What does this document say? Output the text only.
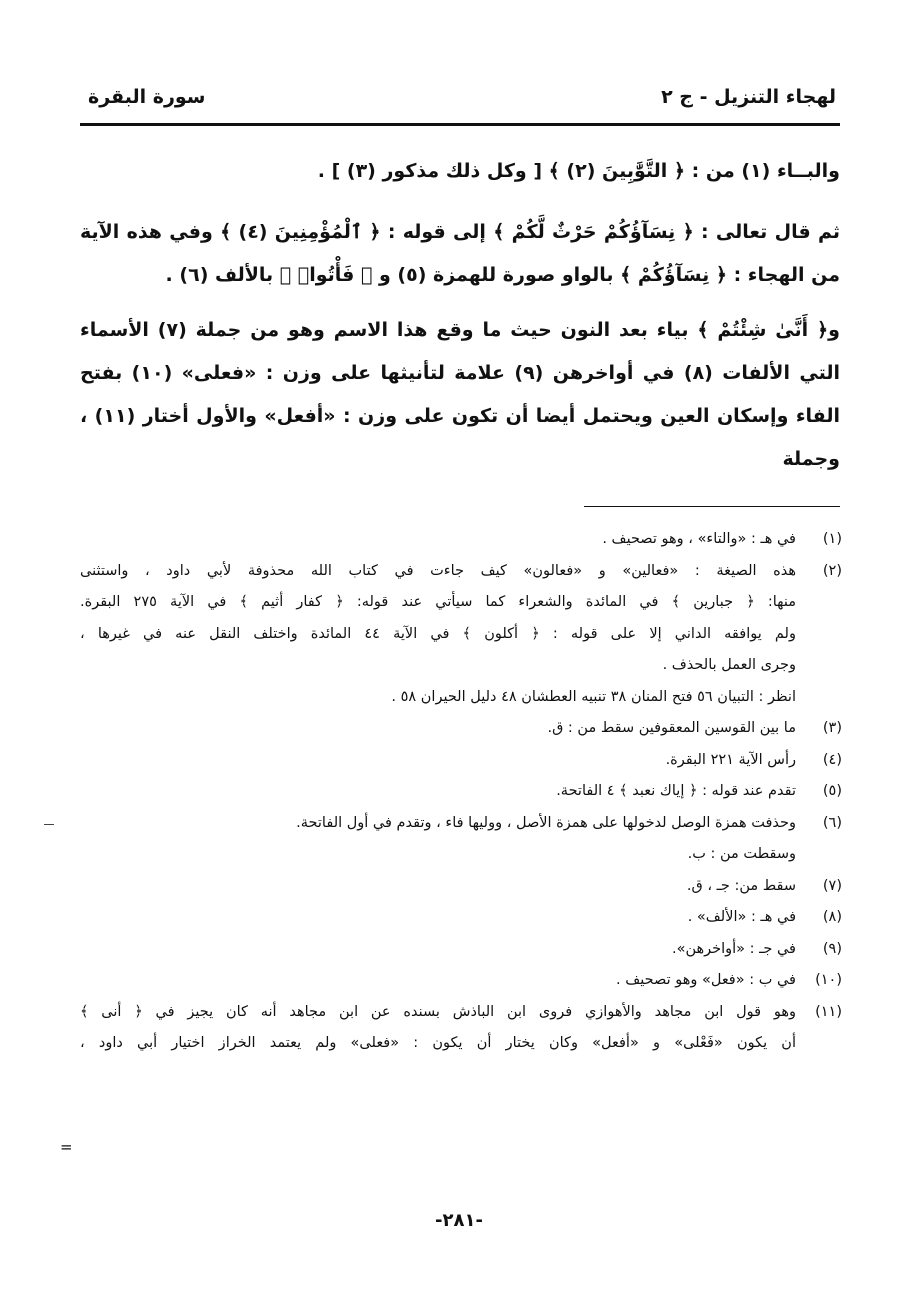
لهجاء التنزيل - ج ٢
سورة البقرة

والبــاء (١) من : ﴿ التَّوَّٰبِينَ (٢) ﴾ [ وكل ذلك مذكور (٣) ] .

ثم قال تعالى : ﴿ نِسَآؤُكُمْ حَرْثٌ لَّكُمْ ﴾ إلى قوله : ﴿ ٱلْمُؤْمِنِينَ (٤) ﴾ وفي هذه الآية من الهجاء : ﴿ نِسَآؤُكُمْ ﴾ بالواو صورة للهمزة (٥) و ﴿ فَأْتُوا۟ ﴾ بالألف (٦) .

و﴿ أَنَّىٰ شِئْتُمْ ﴾ بياء بعد النون حيث ما وقع هذا الاسم وهو من جملة (٧) الأسماء التي الألفات (٨) في أواخرهن (٩) علامة لتأنيثها على وزن : «فعلى» (١٠) بفتح الفاء وإسكان العين ويحتمل أيضا أن تكون على وزن : «أفعل» والأول أختار (١١) ، وجملة

(١)
في هـ : «والتاء» ، وهو تصحيف .
(٢)
هذه الصيغة : «فعالين» و «فعالون» كيف جاءت في كتاب الله محذوفة لأبي داود ، واستثنى
منها: ﴿ جبارين ﴾ في المائدة والشعراء كما سيأتي عند قوله: ﴿ كفار أثيم ﴾ في الآية ٢٧٥ البقرة.
ولم يوافقه الداني إلا على قوله : ﴿ أكلون ﴾ في الآية ٤٤ المائدة واختلف النقل عنه في غيرها ،
وجرى العمل بالحذف .
انظر : التبيان ٥٦ فتح المنان ٣٨ تنبيه العطشان ٤٨ دليل الحيران ٥٨ .
(٣)
ما بين القوسين المعقوفين سقط من : ق.
(٤)
رأس الآية ٢٢١ البقرة.
(٥)
تقدم عند قوله : ﴿ إياك نعبد ﴾ ٤ الفاتحة.
(٦)
وحذفت همزة الوصل لدخولها على همزة الأصل ، ووليها فاء ، وتقدم في أول الفاتحة.
وسقطت من : ب.
(٧)
سقط من: جـ ، ق.
(٨)
في هـ : «الألف» .
(٩)
في جـ : «أواخرهن».
(١٠)
في ب : «فعل» وهو تصحيف .
(١١)
وهو قول ابن مجاهد والأهوازي فروى ابن الباذش بسنده عن ابن مجاهد أنه كان يجيز في ﴿ أنى ﴾
أن يكون «فَعْلى» و «أفعل» وكان يختار أن يكون : «فعلى» ولم يعتمد الخراز اختيار أبي داود ،
=
-٢٨١-
